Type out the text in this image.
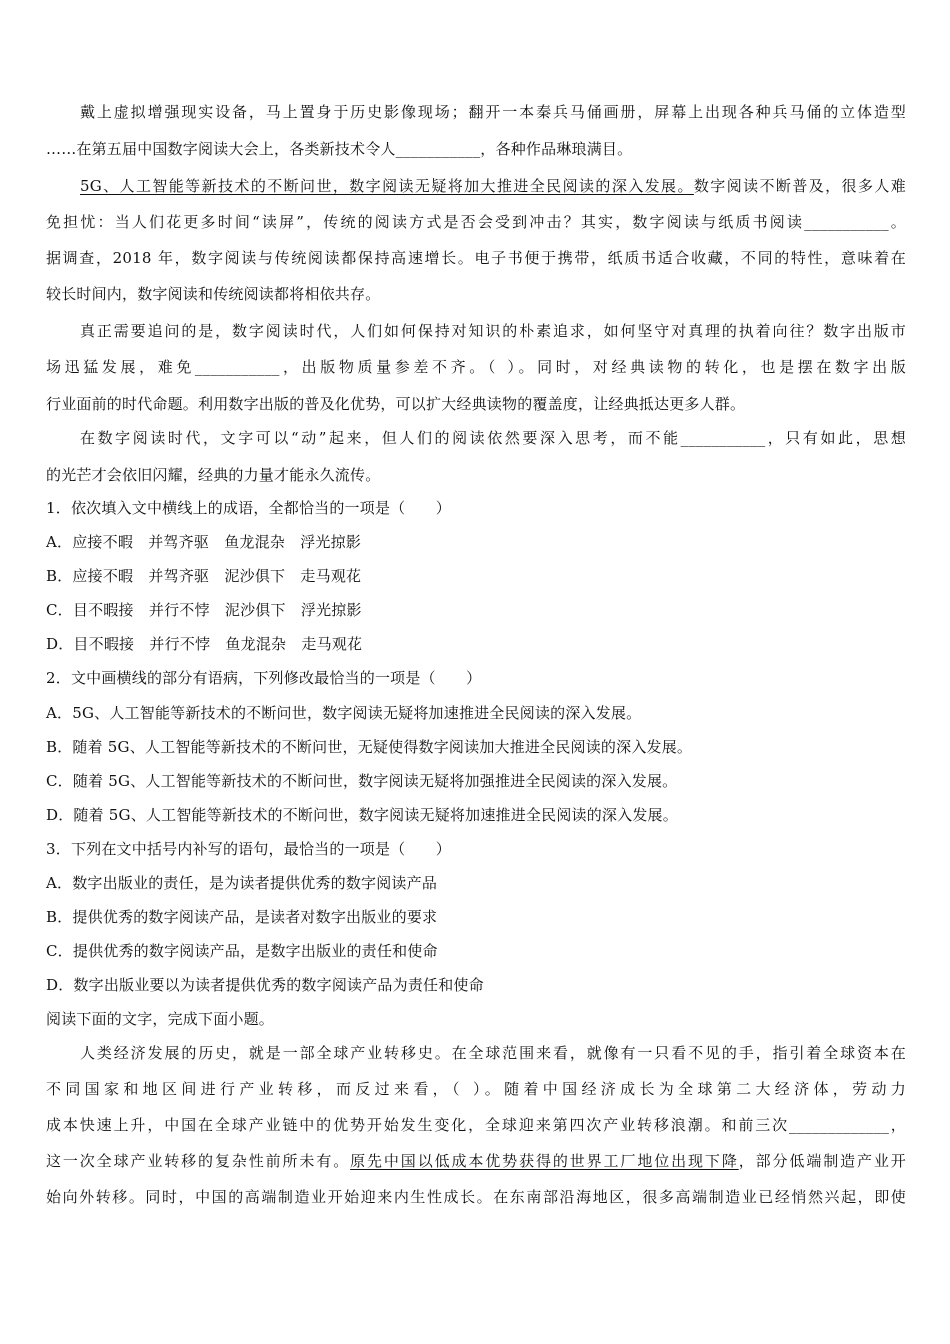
戴上虚拟增强现实设备，马上置身于历史影像现场；翻开一本秦兵马俑画册，屏幕上出现各种兵马俑的立体造型
……在第五届中国数字阅读大会上，各类新技术令人___________，各种作品琳琅满目。
5G、人工智能等新技术的不断问世，数字阅读无疑将加大推进全民阅读的深入发展。数字阅读不断普及，很多人难
免担忧：当人们花更多时间“读屏”，传统的阅读方式是否会受到冲击？其实，数字阅读与纸质书阅读___________。
据调查，2018 年，数字阅读与传统阅读都保持高速增长。电子书便于携带，纸质书适合收藏，不同的特性，意味着在
较长时间内，数字阅读和传统阅读都将相依共存。
真正需要追问的是，数字阅读时代，人们如何保持对知识的朴素追求，如何坚守对真理的执着向往？数字出版市
场迅猛发展，难免___________，出版物质量参差不齐。（ ）。同时，对经典读物的转化，也是摆在数字出版
行业面前的时代命题。利用数字出版的普及化优势，可以扩大经典读物的覆盖度，让经典抵达更多人群。
在数字阅读时代，文字可以“动”起来，但人们的阅读依然要深入思考，而不能___________，只有如此，思想
的光芒才会依旧闪耀，经典的力量才能永久流传。
1．依次填入文中横线上的成语，全都恰当的一项是（　　）
A．应接不暇　并驾齐驱　鱼龙混杂　浮光掠影
B．应接不暇　并驾齐驱　泥沙俱下　走马观花
C．目不暇接　并行不悖　泥沙俱下　浮光掠影
D．目不暇接　并行不悖　鱼龙混杂　走马观花
2．文中画横线的部分有语病，下列修改最恰当的一项是（　　）
A．5G、人工智能等新技术的不断问世，数字阅读无疑将加速推进全民阅读的深入发展。
B．随着 5G、人工智能等新技术的不断问世，无疑使得数字阅读加大推进全民阅读的深入发展。
C．随着 5G、人工智能等新技术的不断问世，数字阅读无疑将加强推进全民阅读的深入发展。
D．随着 5G、人工智能等新技术的不断问世，数字阅读无疑将加速推进全民阅读的深入发展。
3．下列在文中括号内补写的语句，最恰当的一项是（　　）
A．数字出版业的责任，是为读者提供优秀的数字阅读产品
B．提供优秀的数字阅读产品，是读者对数字出版业的要求
C．提供优秀的数字阅读产品，是数字出版业的责任和使命
D．数字出版业要以为读者提供优秀的数字阅读产品为责任和使命
阅读下面的文字，完成下面小题。
人类经济发展的历史，就是一部全球产业转移史。在全球范围来看，就像有一只看不见的手，指引着全球资本在
不同国家和地区间进行产业转移，而反过来看，（ ）。随着中国经济成长为全球第二大经济体，劳动力
成本快速上升，中国在全球产业链中的优势开始发生变化，全球迎来第四次产业转移浪潮。和前三次_____________，
这一次全球产业转移的复杂性前所未有。原先中国以低成本优势获得的世界工厂地位出现下降，部分低端制造产业开
始向外转移。同时，中国的高端制造业开始迎来内生性成长。在东南部沿海地区，很多高端制造业已经悄然兴起，即使
